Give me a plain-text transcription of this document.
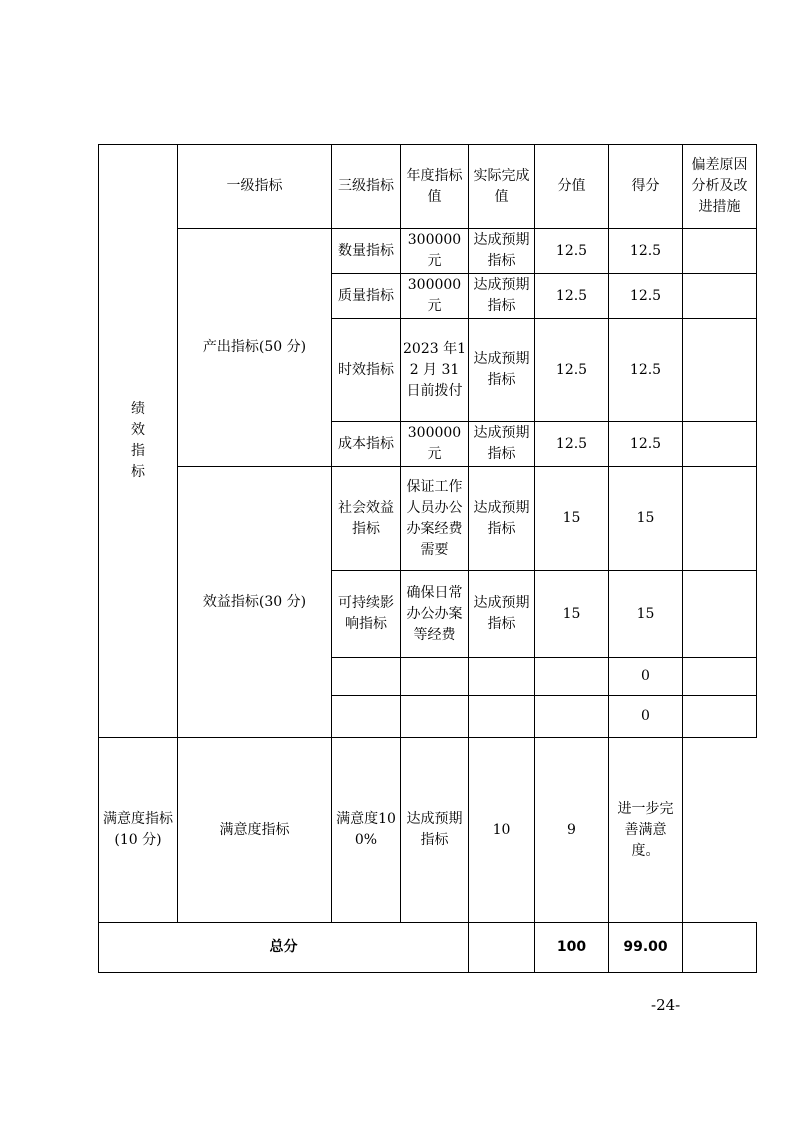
绩效指标	一级指标	三级指标	年度指标值	实际完成值	分值	得分	偏差原因分析及改进措施
	产出指标(50 分)	数量指标	300000元	达成预期指标	12.5	12.5	
		质量指标	300000元	达成预期指标	12.5	12.5	
		时效指标	2023 年12 月 31日前拨付	达成预期指标	12.5	12.5	
		成本指标	300000元	达成预期指标	12.5	12.5	
	效益指标(30 分)	社会效益指标	保证工作人员办公办案经费需要	达成预期指标	15	15	
		可持续影响指标	确保日常办公办案等经费	达成预期指标	15	15	
						0	
						0	
满意度指标(10 分)	满意度指标	满意度100%	达成预期指标	10	9	进一步完善满意度。	
总分					100	99.00	
-24-
